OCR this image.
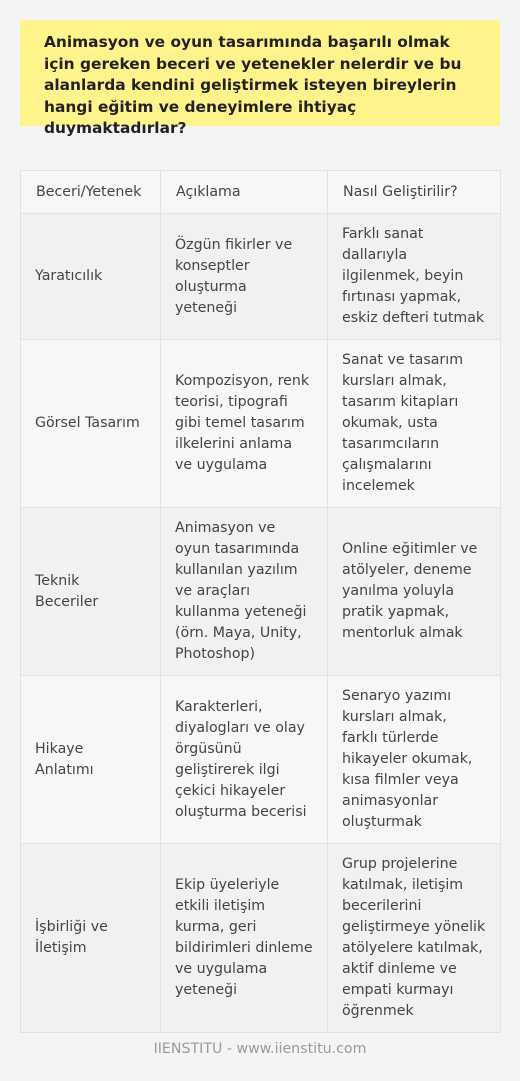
Animasyon ve oyun tasarımında başarılı olmak için gereken beceri ve yetenekler nelerdir ve bu alanlarda kendini geliştirmek isteyen bireylerin hangi eğitim ve deneyimlere ihtiyaç duymaktadırlar?
Beceri/Yetenek	Açıklama	Nasıl Geliştirilir?
Yaratıcılık	Özgün fikirler ve konseptler oluşturma yeteneği	Farklı sanat dallarıyla ilgilenmek, beyin fırtınası yapmak, eskiz defteri tutmak
Görsel Tasarım	Kompozisyon, renk teorisi, tipografi gibi temel tasarım ilkelerini anlama ve uygulama	Sanat ve tasarım kursları almak, tasarım kitapları okumak, usta tasarımcıların çalışmalarını incelemek
Teknik Beceriler	Animasyon ve oyun tasarımında kullanılan yazılım ve araçları kullanma yeteneği (örn. Maya, Unity, Photoshop)	Online eğitimler ve atölyeler, deneme yanılma yoluyla pratik yapmak, mentorluk almak
Hikaye Anlatımı	Karakterleri, diyalogları ve olay örgüsünü geliştirerek ilgi çekici hikayeler oluşturma becerisi	Senaryo yazımı kursları almak, farklı türlerde hikayeler okumak, kısa filmler veya animasyonlar oluşturmak
İşbirliği ve İletişim	Ekip üyeleriyle etkili iletişim kurma, geri bildirimleri dinleme ve uygulama yeteneği	Grup projelerine katılmak, iletişim becerilerini geliştirmeye yönelik atölyelere katılmak, aktif dinleme ve empati kurmayı öğrenmek
IIENSTITU - www.iienstitu.com
